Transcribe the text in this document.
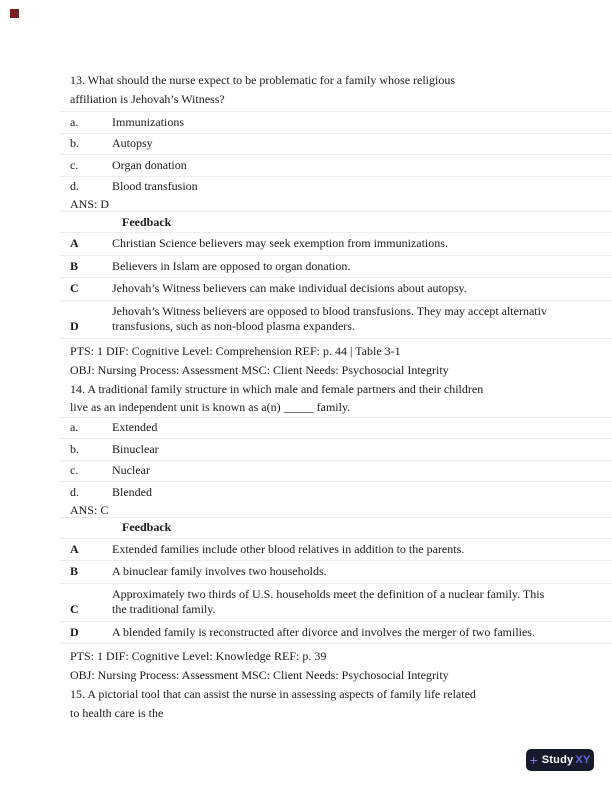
13. What should the nurse expect to be problematic for a family whose religious
affiliation is Jehovah’s Witness?
a.	Immunizations
b.	Autopsy
c.	Organ donation
d.	Blood transfusion
ANS: D
Feedback
A	Christian Science believers may seek exemption from immunizations.
B	Believers in Islam are opposed to organ donation.
C	Jehovah’s Witness believers can make individual decisions about autopsy.
D
Jehovah’s Witness believers are opposed to blood transfusions. They may accept alternativ
transfusions, such as non-blood plasma expanders.
PTS: 1 DIF: Cognitive Level: Comprehension REF: p. 44 | Table 3-1
OBJ: Nursing Process: Assessment MSC: Client Needs: Psychosocial Integrity
14. A traditional family structure in which male and female partners and their children
live as an independent unit is known as a(n) _____ family.
a.	Extended
b.	Binuclear
c.	Nuclear
d.	Blended
ANS: C
Feedback
A	Extended families include other blood relatives in addition to the parents.
B	A binuclear family involves two households.
C
Approximately two thirds of U.S. households meet the definition of a nuclear family. This
the traditional family.
D	A blended family is reconstructed after divorce and involves the merger of two families.
PTS: 1 DIF: Cognitive Level: Knowledge REF: p. 39
OBJ: Nursing Process: Assessment MSC: Client Needs: Psychosocial Integrity
15. A pictorial tool that can assist the nurse in assessing aspects of family life related
to health care is the
+ Study XY
